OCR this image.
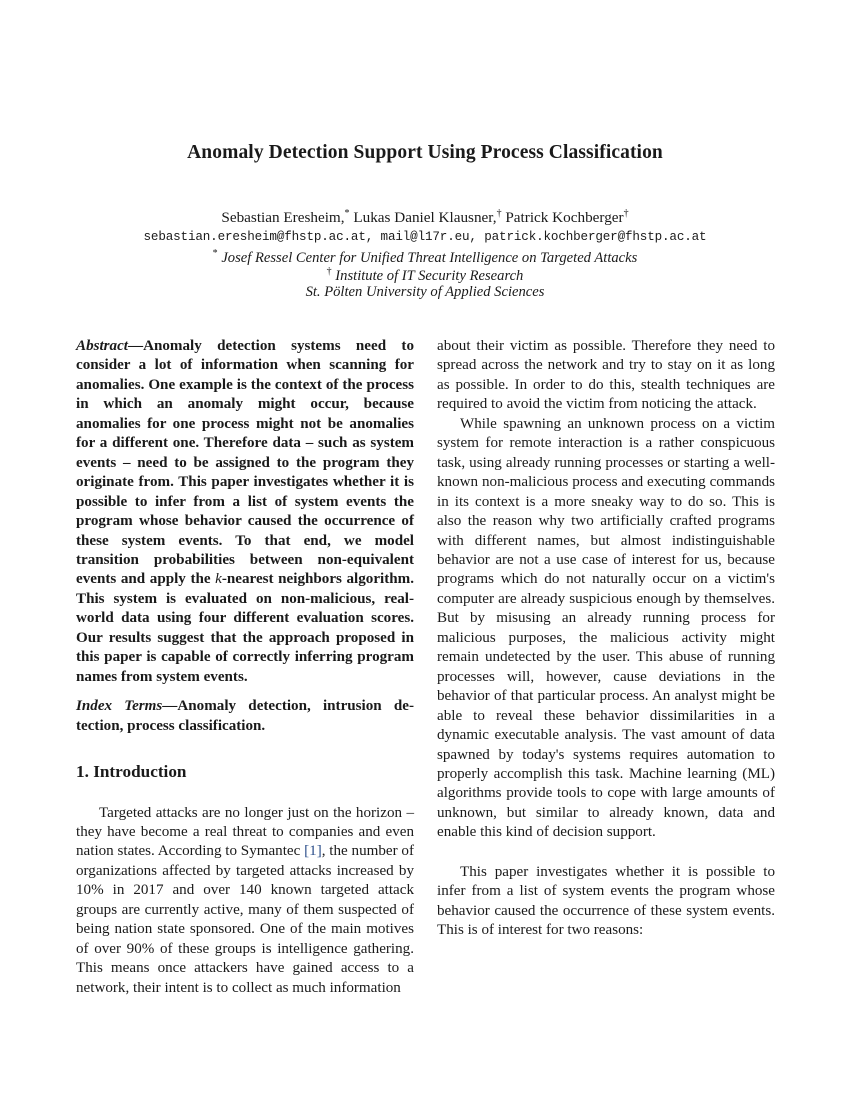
Anomaly Detection Support Using Process Classification
Sebastian Eresheim,* Lukas Daniel Klausner,† Patrick Kochberger†
sebastian.eresheim@fhstp.ac.at, mail@l17r.eu, patrick.kochberger@fhstp.ac.at
* Josef Ressel Center for Unified Threat Intelligence on Targeted Attacks
† Institute of IT Security Research
St. Pölten University of Applied Sciences

Abstract—Anomaly detection systems need to consider a lot of information when scanning for anomalies. One example is the context of the process in which an anomaly might occur, because anomalies for one process might not be anomalies for a different one. Therefore data – such as system events – need to be assigned to the program they originate from. This paper investigates whether it is possible to infer from a list of system events the program whose behavior caused the occurrence of these system events. To that end, we model transition probabilities between non-equivalent events and apply the k-nearest neighbors algorithm. This system is evaluated on non-malicious, real-world data using four different evaluation scores. Our results suggest that the approach proposed in this paper is capable of correctly inferring program names from system events.

Index Terms—Anomaly detection, intrusion detection, process classification.

1. Introduction

Targeted attacks are no longer just on the horizon – they have become a real threat to companies and even nation states. According to Symantec [1], the number of organizations affected by targeted attacks increased by 10% in 2017 and over 140 known targeted attack groups are currently active, many of them suspected of being nation state sponsored. One of the main motives of over 90% of these groups is intelligence gathering. This means once attackers have gained access to a network, their intent is to collect as much information

about their victim as possible. Therefore they need to spread across the network and try to stay on it as long as possible. In order to do this, stealth techniques are required to avoid the victim from noticing the attack.

While spawning an unknown process on a victim system for remote interaction is a rather conspicuous task, using already running processes or starting a well-known non-malicious process and executing commands in its context is a more sneaky way to do so. This is also the reason why two artificially crafted programs with different names, but almost indistinguishable behavior are not a use case of interest for us, because programs which do not naturally occur on a victim's computer are already suspicious enough by themselves. But by misusing an already running process for malicious purposes, the malicious activity might remain undetected by the user. This abuse of running processes will, however, cause deviations in the behavior of that particular process. An analyst might be able to reveal these behavior dissimilarities in a dynamic executable analysis. The vast amount of data spawned by today's systems requires automation to properly accomplish this task. Machine learning (ML) algorithms provide tools to cope with large amounts of unknown, but similar to already known, data and enable this kind of decision support.

This paper investigates whether it is possible to infer from a list of system events the program whose behavior caused the occurrence of these system events. This is of interest for two reasons:
